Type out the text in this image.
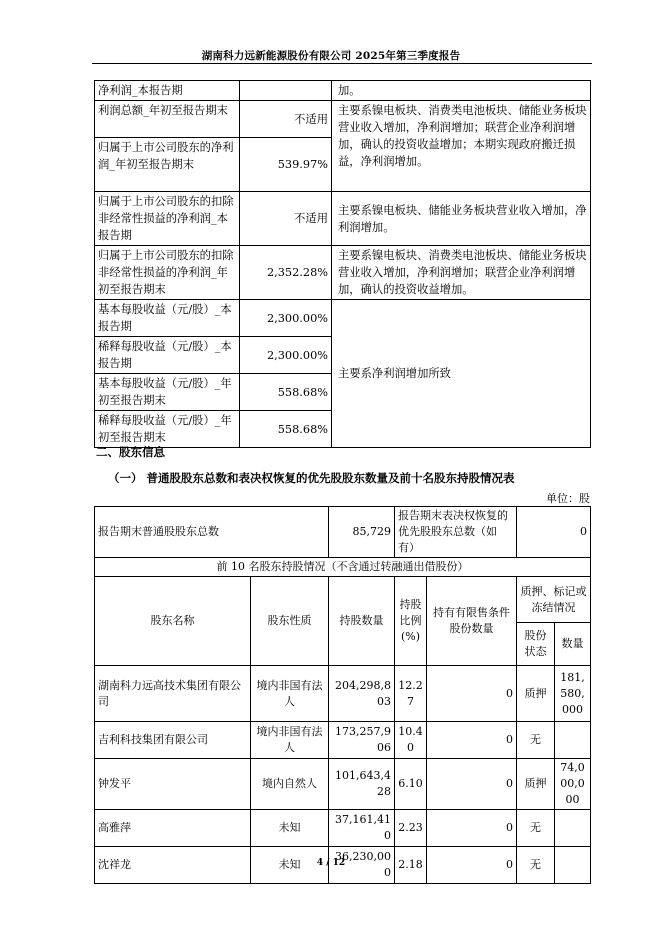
湖南科力远新能源股份有限公司 2025年第三季度报告
净利润_本报告期		加。
利润总额_年初至报告期末	不适用	主要系镍电板块、消费类电池板块、储能业务板块营业收入增加，净利润增加；联营企业净利润增加，确认的投资收益增加；本期实现政府搬迁损益，净利润增加。
归属于上市公司股东的净利润_年初至报告期末	539.97%	
归属于上市公司股东的扣除非经常性损益的净利润_本报告期	不适用	主要系镍电板块、储能业务板块营业收入增加，净利润增加。
归属于上市公司股东的扣除非经常性损益的净利润_年初至报告期末	2,352.28%	主要系镍电板块、消费类电池板块、储能业务板块营业收入增加，净利润增加；联营企业净利润增加，确认的投资收益增加。
基本每股收益（元/股）_本报告期	2,300.00%	主要系净利润增加所致
稀释每股收益（元/股）_本报告期	2,300.00%	
基本每股收益（元/股）_年初至报告期末	558.68%	
稀释每股收益（元/股）_年初至报告期末	558.68%	
二、股东信息
（一） 普通股股东总数和表决权恢复的优先股股东数量及前十名股东持股情况表
单位：股
报告期末普通股股东总数		85,729	报告期末表决权恢复的优先股股东总数（如有）		0	
前 10 名股东持股情况（不含通过转融通出借股份）						
股东名称	股东性质	持股数量	持股比例(%)	持有有限售条件股份数量	质押、标记或冻结情况	
					股份状态	数量
湖南科力远高技术集团有限公司	境内非国有法人	204,298,803	12.27	0	质押	181,580,000
吉利科技集团有限公司	境内非国有法人	173,257,906	10.40	0	无	
钟发平	境内自然人	101,643,428	6.10	0	质押	74,000,000
高雅萍	未知	37,161,410	2.23	0	无	
沈祥龙	未知	36,230,000	2.18	0	无	
4 / 12
